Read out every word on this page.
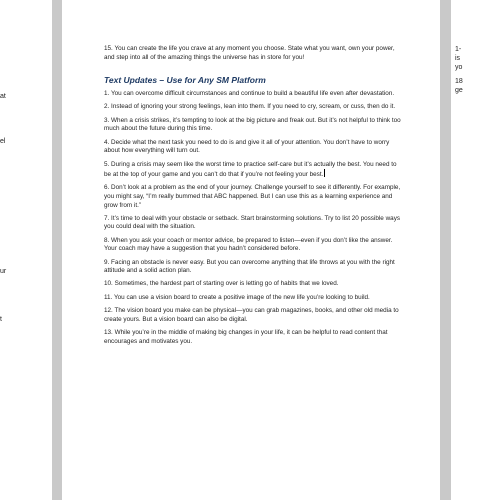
at
el
ur
t

15. You can create the life you crave at any moment you choose. State what you want, own your power, and step into all of the amazing things the universe has in store for you!

Text Updates – Use for Any SM Platform

1. You can overcome difficult circumstances and continue to build a beautiful life even after devastation.

2. Instead of ignoring your strong feelings, lean into them. If you need to cry, scream, or cuss, then do it.

3. When a crisis strikes, it’s tempting to look at the big picture and freak out. But it’s not helpful to think too much about the future during this time.

4. Decide what the next task you need to do is and give it all of your attention. You don’t have to worry about how everything will turn out.

5. During a crisis may seem like the worst time to practice self-care but it’s actually the best. You need to be at the top of your game and you can’t do that if you’re not feeling your best.

6. Don’t look at a problem as the end of your journey. Challenge yourself to see it differently. For example, you might say, “I’m really bummed that ABC happened. But I can use this as a learning experience and grow from it.”

7. It’s time to deal with your obstacle or setback. Start brainstorming solutions. Try to list 20 possible ways you could deal with the situation.

8. When you ask your coach or mentor advice, be prepared to listen—even if you don’t like the answer. Your coach may have a suggestion that you hadn’t considered before.

9. Facing an obstacle is never easy. But you can overcome anything that life throws at you with the right attitude and a solid action plan.

10. Sometimes, the hardest part of starting over is letting go of habits that we loved.

11. You can use a vision board to create a positive image of the new life you’re looking to build.

12. The vision board you make can be physical—you can grab magazines, books, and other old media to create yours. But a vision board can also be digital.

13. While you’re in the middle of making big changes in your life, it can be helpful to read content that encourages and motivates you.

1-
is
yo
18
ge
